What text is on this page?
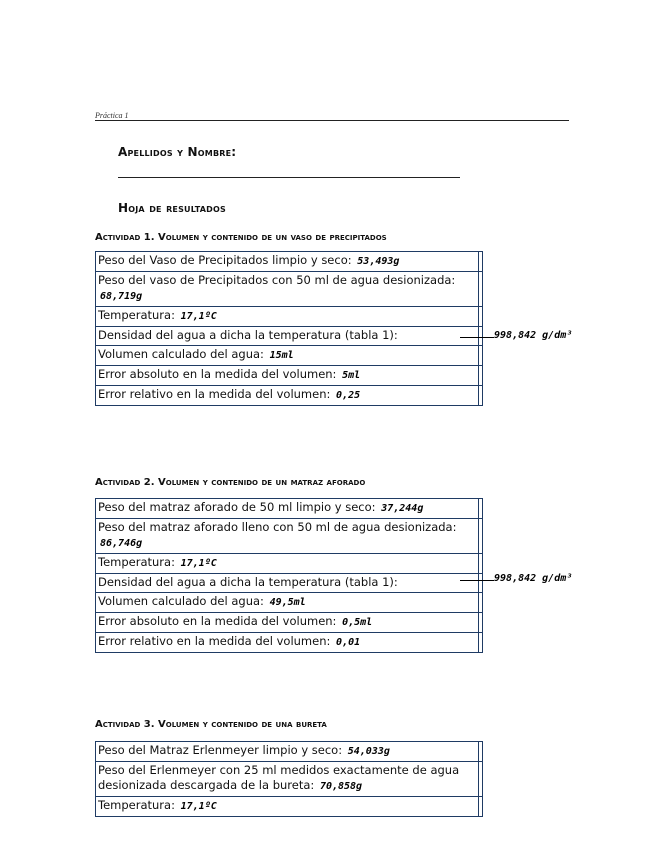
Práctica 1
Apellidos y Nombre:
Hoja de resultados
Actividad 1. Volumen y contenido de un vaso de precipitados
Peso del Vaso de Precipitados limpio y seco: 53,493g
Peso del vaso de Precipitados con 50 ml de agua desionizada: 68,719g
Temperatura: 17,1ºC
Densidad del agua a dicha la temperatura (tabla 1):
Volumen calculado del agua: 15ml
Error absoluto en la medida del volumen: 5ml
Error relativo en la medida del volumen: 0,25
998,842 g/dm³
Actividad 2. Volumen y contenido de un matraz aforado
Peso del matraz aforado de 50 ml limpio y seco: 37,244g
Peso del matraz aforado lleno con 50 ml de agua desionizada: 86,746g
Temperatura: 17,1ºC
Densidad del agua a dicha la temperatura (tabla 1):
Volumen calculado del agua: 49,5ml
Error absoluto en la medida del volumen: 0,5ml
Error relativo en la medida del volumen: 0,01
998,842 g/dm³
Actividad 3. Volumen y contenido de una bureta
Peso del Matraz Erlenmeyer limpio y seco: 54,033g
Peso del Erlenmeyer con 25 ml medidos exactamente de agua desionizada descargada de la bureta: 70,858g
Temperatura: 17,1ºC
